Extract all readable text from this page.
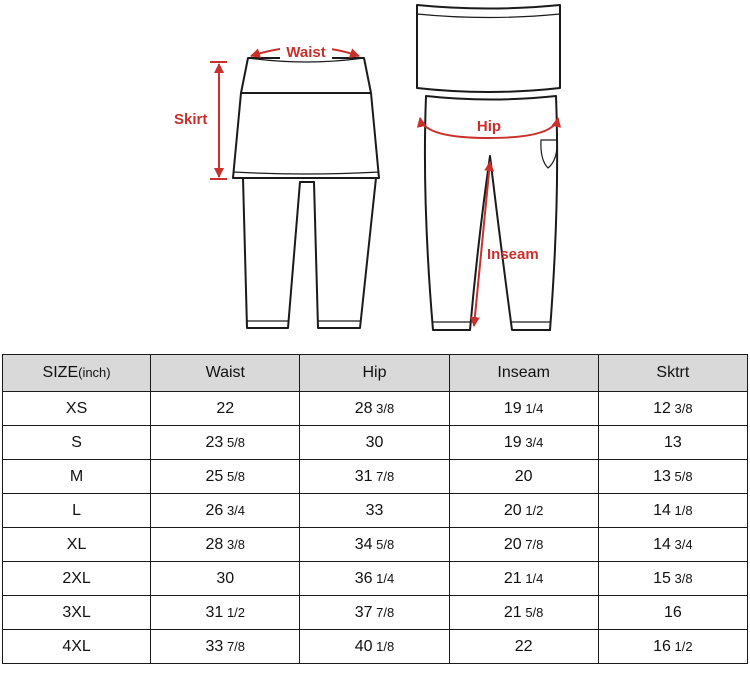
Waist
Skirt	Hip
Inseam
SIZE(inch)	Waist	Hip	Inseam	Sktrt
XS	22	28 3/8	19 1/4	12 3/8
S	23 5/8	30	19 3/4	13
M	25 5/8	31 7/8	20	13 5/8
L	26 3/4	33	20 1/2	14 1/8
XL	28 3/8	34 5/8	20 7/8	14 3/4
2XL	30	36 1/4	21 1/4	15 3/8
3XL	31 1/2	37 7/8	21 5/8	16
4XL	33 7/8	40 1/8	22	16 1/2
